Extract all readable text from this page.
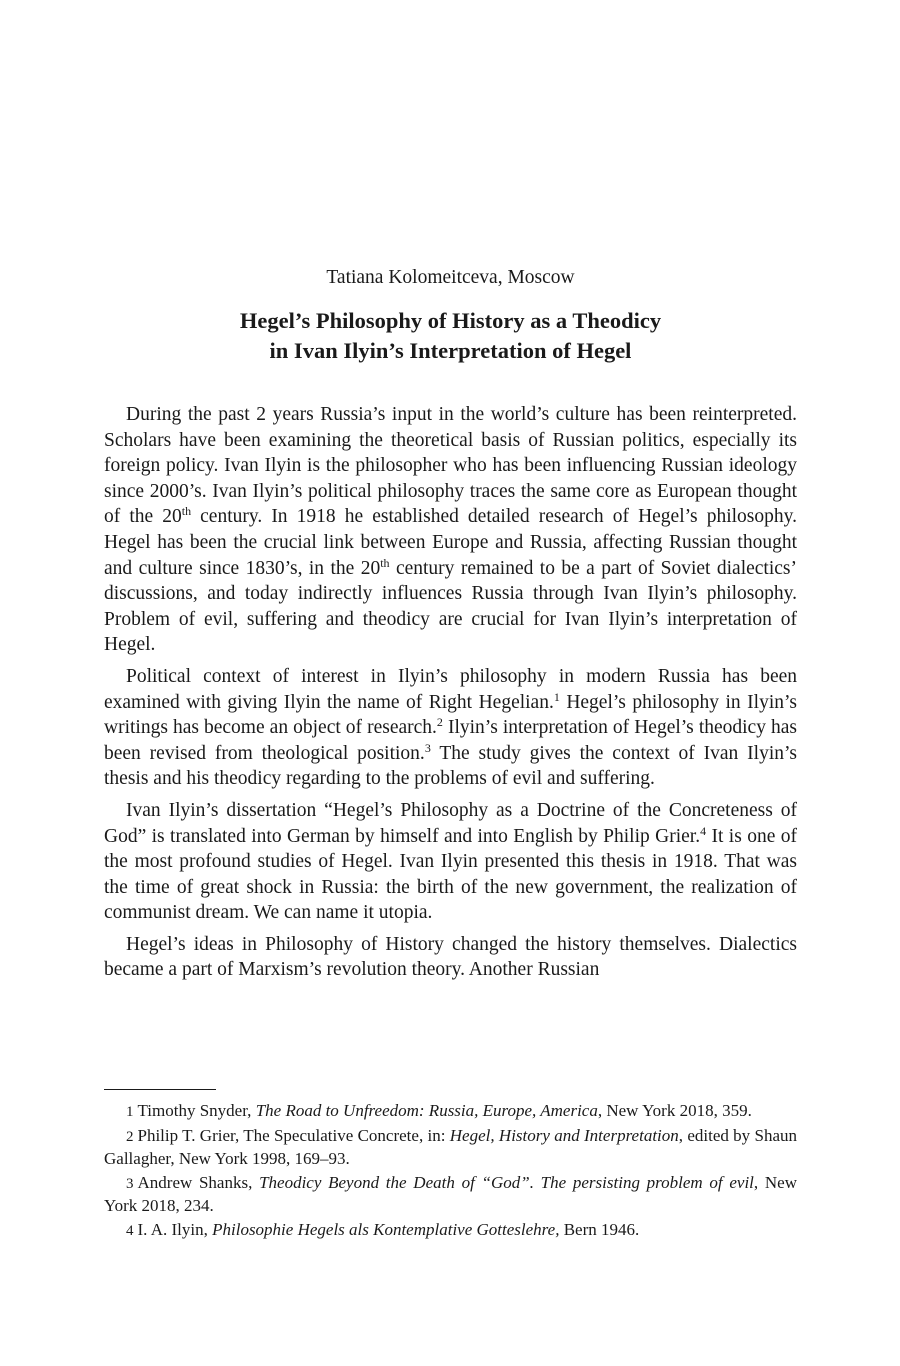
Tatiana Kolomeitceva, Moscow
Hegel’s Philosophy of History as a Theodicy
in Ivan Ilyin’s Interpretation of Hegel

During the past 2 years Russia’s input in the world’s culture has been reinterpreted. Scholars have been examining the theoretical basis of Russian politics, especially its foreign policy. Ivan Ilyin is the philosopher who has been influencing Russian ideology since 2000’s. Ivan Ilyin’s political philosophy traces the same core as European thought of the 20th century. In 1918 he established detailed research of Hegel’s philosophy. Hegel has been the crucial link between Europe and Russia, affecting Russian thought and culture since 1830’s, in the 20th century remained to be a part of Soviet dialectics’ discussions, and today indirectly influences Russia through Ivan Ilyin’s philosophy. Problem of evil, suffering and theodicy are crucial for Ivan Ilyin’s interpretation of Hegel.

Political context of interest in Ilyin’s philosophy in modern Russia has been examined with giving Ilyin the name of Right Hegelian.$^1$ Hegel’s philosophy in Ilyin’s writings has become an object of research.$^2$ Ilyin’s interpretation of Hegel’s theodicy has been revised from theological position.$^3$ The study gives the context of Ivan Ilyin’s thesis and his theodicy regarding to the problems of evil and suffering.

Ivan Ilyin’s dissertation “Hegel’s Philosophy as a Doctrine of the Concreteness of God” is translated into German by himself and into English by Philip Grier.$^4$ It is one of the most profound studies of Hegel. Ivan Ilyin presented this thesis in 1918. That was the time of great shock in Russia: the birth of the new government, the realization of communist dream. We can name it utopia.

Hegel’s ideas in Philosophy of History changed the history themselves. Dialectics became a part of Marxism’s revolution theory. Another Russian

1 Timothy Snyder, The Road to Unfreedom: Russia, Europe, America, New York 2018, 359.

2 Philip T. Grier, The Speculative Concrete, in: Hegel, History and Interpretation, edited by Shaun Gallagher, New York 1998, 169–93.

3 Andrew Shanks, Theodicy Beyond the Death of “God”. The persisting problem of evil, New York 2018, 234.

4 I. A. Ilyin, Philosophie Hegels als Kontemplative Gotteslehre, Bern 1946.
